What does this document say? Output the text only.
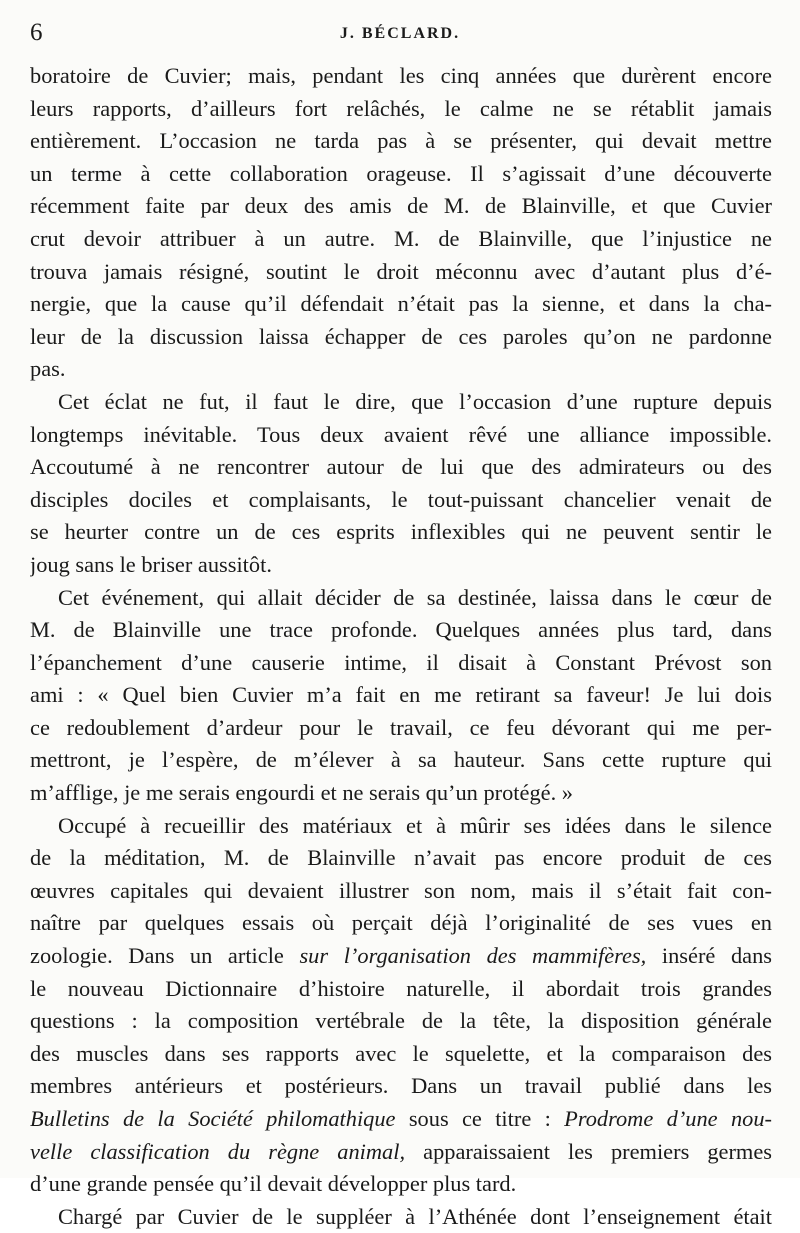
6	J. BÉCLARD.
boratoire de Cuvier; mais, pendant les cinq années que durèrent encore
leurs rapports, d’ailleurs fort relâchés, le calme ne se rétablit jamais
entièrement. L’occasion ne tarda pas à se présenter, qui devait mettre
un terme à cette collaboration orageuse. Il s’agissait d’une découverte
récemment faite par deux des amis de M. de Blainville, et que Cuvier
crut devoir attribuer à un autre. M. de Blainville, que l’injustice ne
trouva jamais résigné, soutint le droit méconnu avec d’autant plus d’é-
nergie, que la cause qu’il défendait n’était pas la sienne, et dans la cha-
leur de la discussion laissa échapper de ces paroles qu’on ne pardonne
pas.
Cet éclat ne fut, il faut le dire, que l’occasion d’une rupture depuis
longtemps inévitable. Tous deux avaient rêvé une alliance impossible.
Accoutumé à ne rencontrer autour de lui que des admirateurs ou des
disciples dociles et complaisants, le tout-puissant chancelier venait de
se heurter contre un de ces esprits inflexibles qui ne peuvent sentir le
joug sans le briser aussitôt.
Cet événement, qui allait décider de sa destinée, laissa dans le cœur de
M. de Blainville une trace profonde. Quelques années plus tard, dans
l’épanchement d’une causerie intime, il disait à Constant Prévost son
ami : « Quel bien Cuvier m’a fait en me retirant sa faveur! Je lui dois
ce redoublement d’ardeur pour le travail, ce feu dévorant qui me per-
mettront, je l’espère, de m’élever à sa hauteur. Sans cette rupture qui
m’afflige, je me serais engourdi et ne serais qu’un protégé. »
Occupé à recueillir des matériaux et à mûrir ses idées dans le silence
de la méditation, M. de Blainville n’avait pas encore produit de ces
œuvres capitales qui devaient illustrer son nom, mais il s’était fait con-
naître par quelques essais où perçait déjà l’originalité de ses vues en
zoologie. Dans un article sur l’organisation des mammifères, inséré dans
le nouveau Dictionnaire d’histoire naturelle, il abordait trois grandes
questions : la composition vertébrale de la tête, la disposition générale
des muscles dans ses rapports avec le squelette, et la comparaison des
membres antérieurs et postérieurs. Dans un travail publié dans les
Bulletins de la Société philomathique sous ce titre : Prodrome d’une nou-
velle classification du règne animal, apparaissaient les premiers germes
d’une grande pensée qu’il devait développer plus tard.
Chargé par Cuvier de le suppléer à l’Athénée dont l’enseignement était
